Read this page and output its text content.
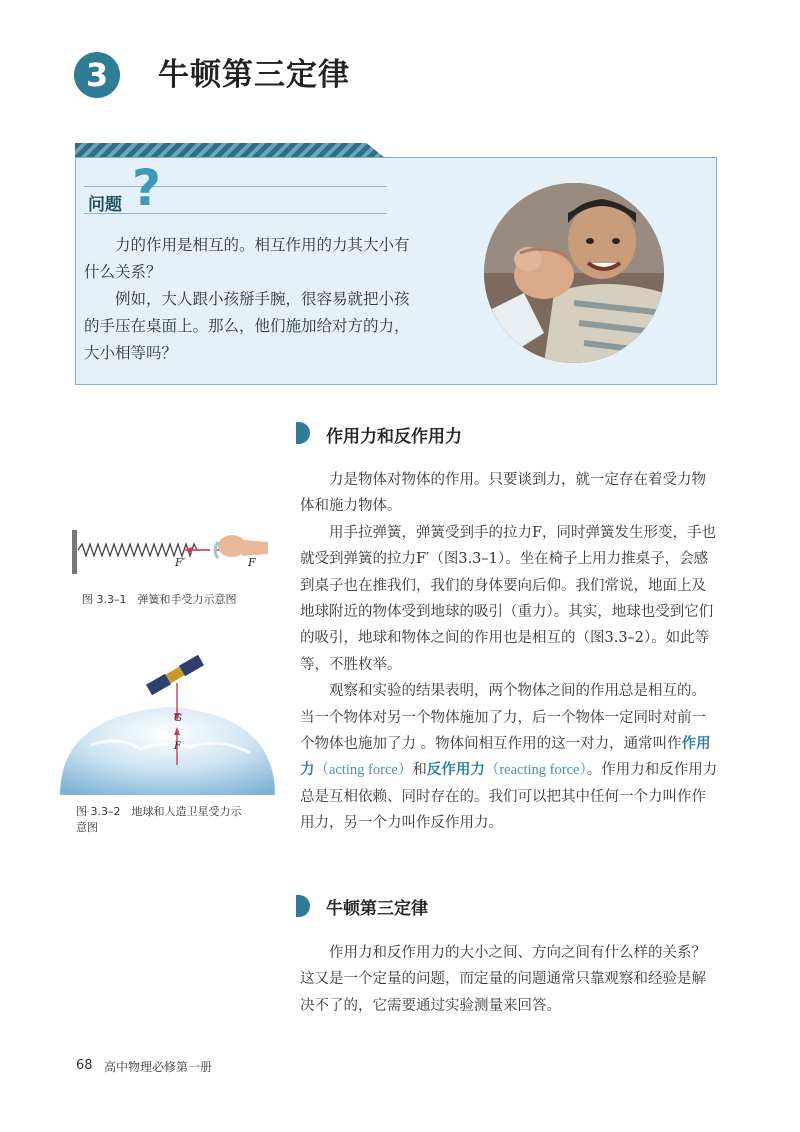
3	牛顿第三定律
问题 ?

力的作用是相互的。相互作用的力其大小有什么关系？

例如，大人跟小孩掰手腕，很容易就把小孩的手压在桌面上。那么，他们施加给对方的力，大小相等吗？

作用力和反作用力

力是物体对物体的作用。只要谈到力，就一定存在着受力物体和施力物体。

用手拉弹簧，弹簧受到手的拉力F，同时弹簧发生形变，手也就受到弹簧的拉力F′（图3.3–1）。坐在椅子上用力推桌子，会感到桌子也在推我们，我们的身体要向后仰。我们常说，地面上及地球附近的物体受到地球的吸引（重力）。其实，地球也受到它们的吸引，地球和物体之间的作用也是相互的（图3.3–2）。如此等等，不胜枚举。

观察和实验的结果表明，两个物体之间的作用总是相互的。当一个物体对另一个物体施加了力，后一个物体一定同时对前一个物体也施加了力 。物体间相互作用的这一对力，通常叫作作用力（acting force）和反作用力（reacting force）。作用力和反作用力总是互相依赖、同时存在的。我们可以把其中任何一个力叫作作用力，另一个力叫作反作用力。

F′	F
图 3.3–1　弹簧和手受力示意图
G
F
图 3.3–2　地球和人造卫星受力示
意图
牛顿第三定律

作用力和反作用力的大小之间、方向之间有什么样的关系？这又是一个定量的问题，而定量的问题通常只靠观察和经验是解决不了的，它需要通过实验测量来回答。

68 高中物理必修第一册
